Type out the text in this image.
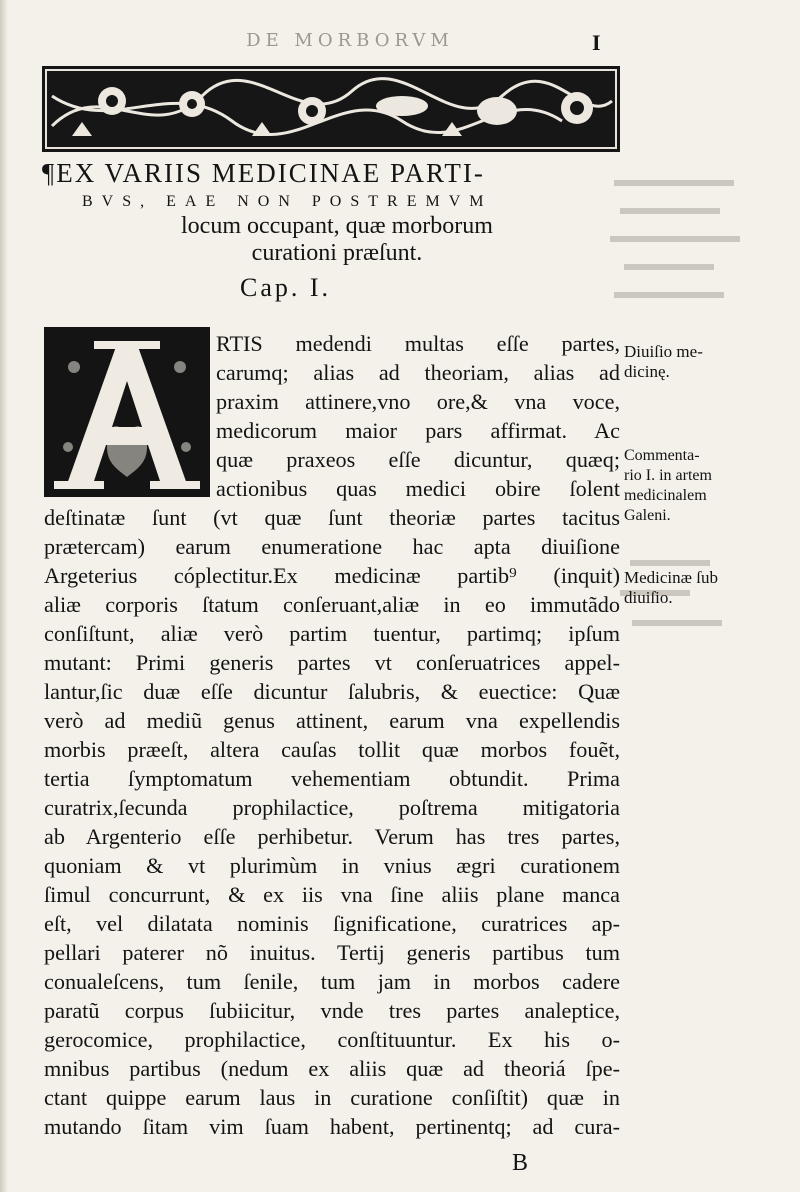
DE MORBORVM	I
¶EX VARIIS MEDICINAE PARTI-
BVS, EAE NON POSTREMVM
locum occupant, quæ morborum
curationi præſunt.
Cap. I.
RTIS medendi multas eſſe partes,
carumq; alias ad theoriam, alias ad
praxim attinere,vno ore,& vna voce,
medicorum maior pars affirmat. Ac
quæ praxeos eſſe dicuntur, quæq;
actionibus quas medici obire ſolent
deſtinatæ ſunt (vt quæ ſunt theoriæ partes tacitus
prætercam) earum enumeratione hac apta diuiſione
Argeterius cóplectitur.Ex medicinæ partib⁹ (inquit)
aliæ corporis ſtatum conſeruant,aliæ in eo immutãdo
conſiſtunt, aliæ verò partim tuentur, partimq; ipſum
mutant: Primi generis partes vt conſeruatrices appel-
lantur,ſic duæ eſſe dicuntur ſalubris, & euectice: Quæ
verò ad mediũ genus attinent, earum vna expellendis
morbis præeſt, altera cauſas tollit quæ morbos fouẽt,
tertia ſymptomatum vehementiam obtundit. Prima
curatrix,ſecunda prophilactice, poſtrema mitigatoria
ab Argenterio eſſe perhibetur. Verum has tres partes,
quoniam & vt plurimùm in vnius ægri curationem
ſimul concurrunt, & ex iis vna ſine aliis plane manca
eſt, vel dilatata nominis ſignificatione, curatrices ap-
pellari paterer nõ inuitus. Tertij generis partibus tum
conualeſcens, tum ſenile, tum jam in morbos cadere
paratũ corpus ſubiicitur, vnde tres partes analeptice,
gerocomice, prophilactice, conſtituuntur. Ex his o-
mnibus partibus (nedum ex aliis quæ ad theoriá ſpe-
ctant quippe earum laus in curatione conſiſtit) quæ in
mutando ſitam vim ſuam habent, pertinentq; ad cura-
Diuiſio me-
dicinę.
Commenta-
rio I. in artem
medicinalem
Galeni.
Medicinæ ſub
diuiſio.
B
